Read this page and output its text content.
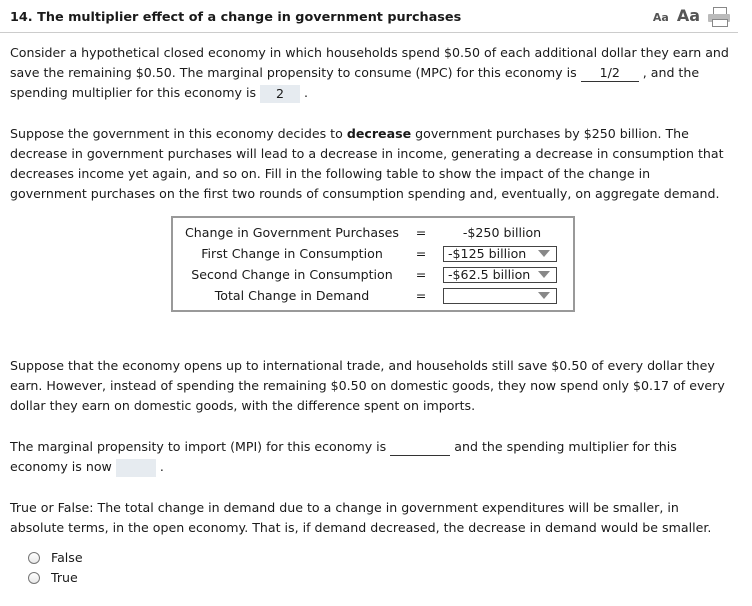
14. The multiplier effect of a change in government purchases	Aa Aa

Consider a hypothetical closed economy in which households spend $0.50 of each additional dollar they earn and save the remaining $0.50. The marginal propensity to consume (MPC) for this economy is 1/2 , and the spending multiplier for this economy is 2 .

Suppose the government in this economy decides to decrease government purchases by $250 billion. The decrease in government purchases will lead to a decrease in income, generating a decrease in consumption that decreases income yet again, and so on. Fill in the following table to show the impact of the change in government purchases on the first two rounds of consumption spending and, eventually, on aggregate demand.

Change in Government Purchases	=	-$250 billion
First Change in Consumption	=	-$125 billion

Second Change in Consumption	=	-$62.5 billion

Total Change in Demand	=	

Suppose that the economy opens up to international trade, and households still save $0.50 of every dollar they earn. However, instead of spending the remaining $0.50 on domestic goods, they now spend only $0.17 of every dollar they earn on domestic goods, with the difference spent on imports.

The marginal propensity to import (MPI) for this economy is	and the spending multiplier for this economy is now	.

True or False: The total change in demand due to a change in government expenditures will be smaller, in absolute terms, in the open economy. That is, if demand decreased, the decrease in demand would be smaller.

False
True
